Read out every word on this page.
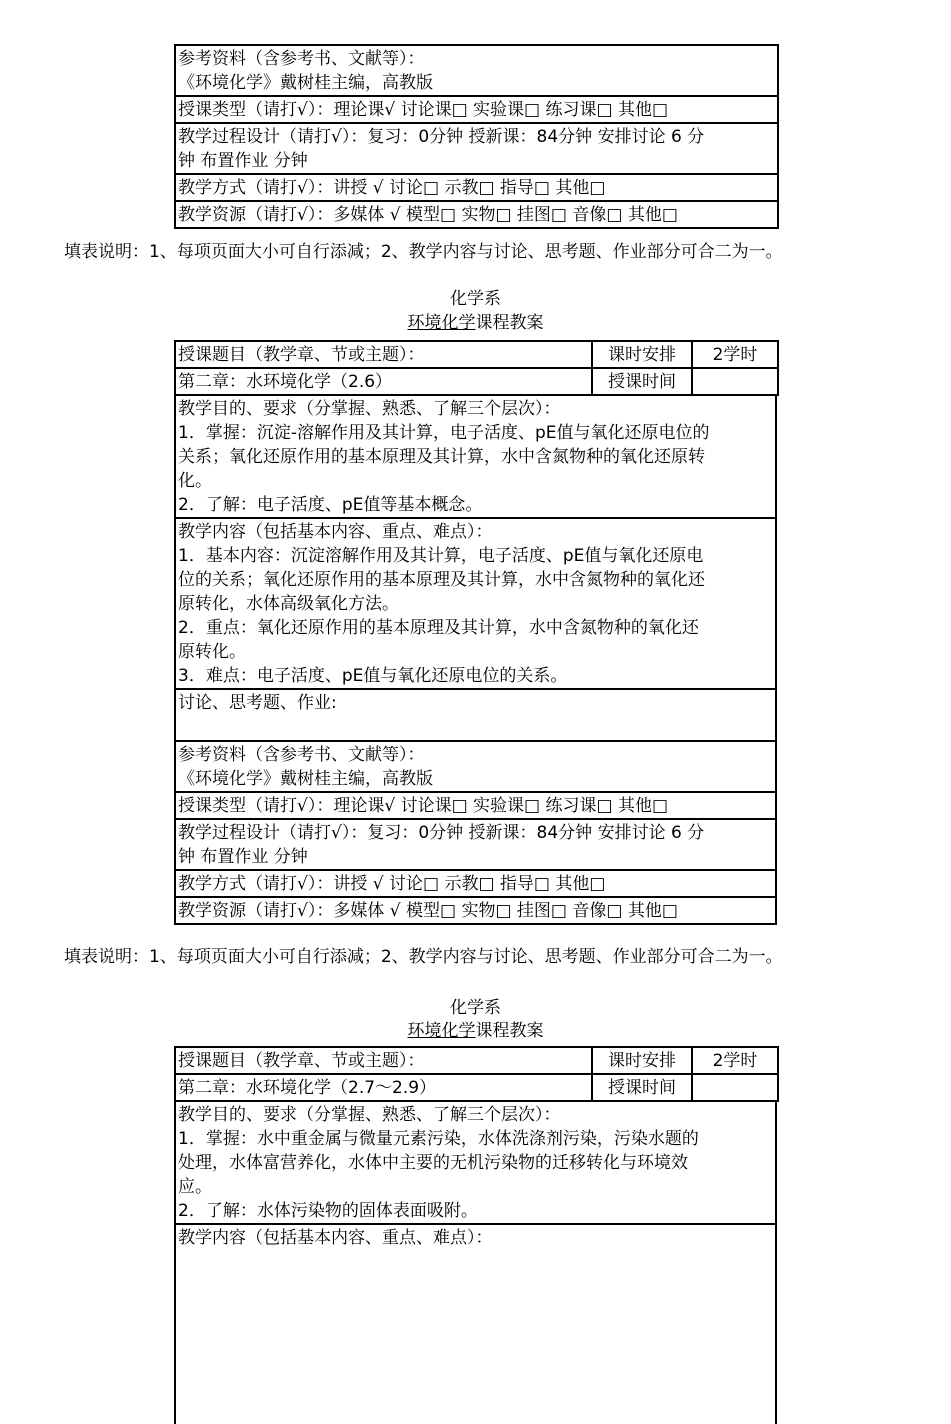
参考资料（含参考书、文献等）：
《环境化学》戴树桂主编，高教版

授课类型（请打√）：理论课√ 讨论课□ 实验课□ 练习课□ 其他□

教学过程设计（请打√）：复习：0分钟 授新课：84分钟 安排讨论 6 分
钟 布置作业 分钟

教学方式（请打√）：讲授 √ 讨论□ 示教□ 指导□ 其他□

教学资源（请打√）：多媒体 √ 模型□ 实物□ 挂图□ 音像□ 其他□
填表说明：1、每项页面大小可自行添减；2、教学内容与讨论、思考题、作业部分可合二为一。
化学系
环境化学课程教案
授课题目（教学章、节或主题）：	课时安排	2学时
第二章：水环境化学（2.6）	授课时间	
教学目的、要求（分掌握、熟悉、了解三个层次）：
1．掌握：沉淀-溶解作用及其计算，电子活度、pE值与氧化还原电位的
关系；氧化还原作用的基本原理及其计算，水中含氮物种的氧化还原转
化。
2．了解：电子活度、pE值等基本概念。

教学内容（包括基本内容、重点、难点）：
1．基本内容：沉淀溶解作用及其计算，电子活度、pE值与氧化还原电
位的关系；氧化还原作用的基本原理及其计算，水中含氮物种的氧化还
原转化，水体高级氧化方法。
2．重点：氧化还原作用的基本原理及其计算，水中含氮物种的氧化还
原转化。
3．难点：电子活度、pE值与氧化还原电位的关系。

讨论、思考题、作业:

参考资料（含参考书、文献等）：
《环境化学》戴树桂主编，高教版

授课类型（请打√）：理论课√ 讨论课□ 实验课□ 练习课□ 其他□

教学过程设计（请打√）：复习：0分钟 授新课：84分钟 安排讨论 6 分
钟 布置作业 分钟

教学方式（请打√）：讲授 √ 讨论□ 示教□ 指导□ 其他□

教学资源（请打√）：多媒体 √ 模型□ 实物□ 挂图□ 音像□ 其他□
填表说明：1、每项页面大小可自行添减；2、教学内容与讨论、思考题、作业部分可合二为一。
化学系
环境化学课程教案
授课题目（教学章、节或主题）：	课时安排	2学时
第二章：水环境化学（2.7～2.9）	授课时间	
教学目的、要求（分掌握、熟悉、了解三个层次）：
1．掌握：水中重金属与微量元素污染，水体洗涤剂污染，污染水题的
处理，水体富营养化，水体中主要的无机污染物的迁移转化与环境效
应。
2．了解：水体污染物的固体表面吸附。

教学内容（包括基本内容、重点、难点）：
